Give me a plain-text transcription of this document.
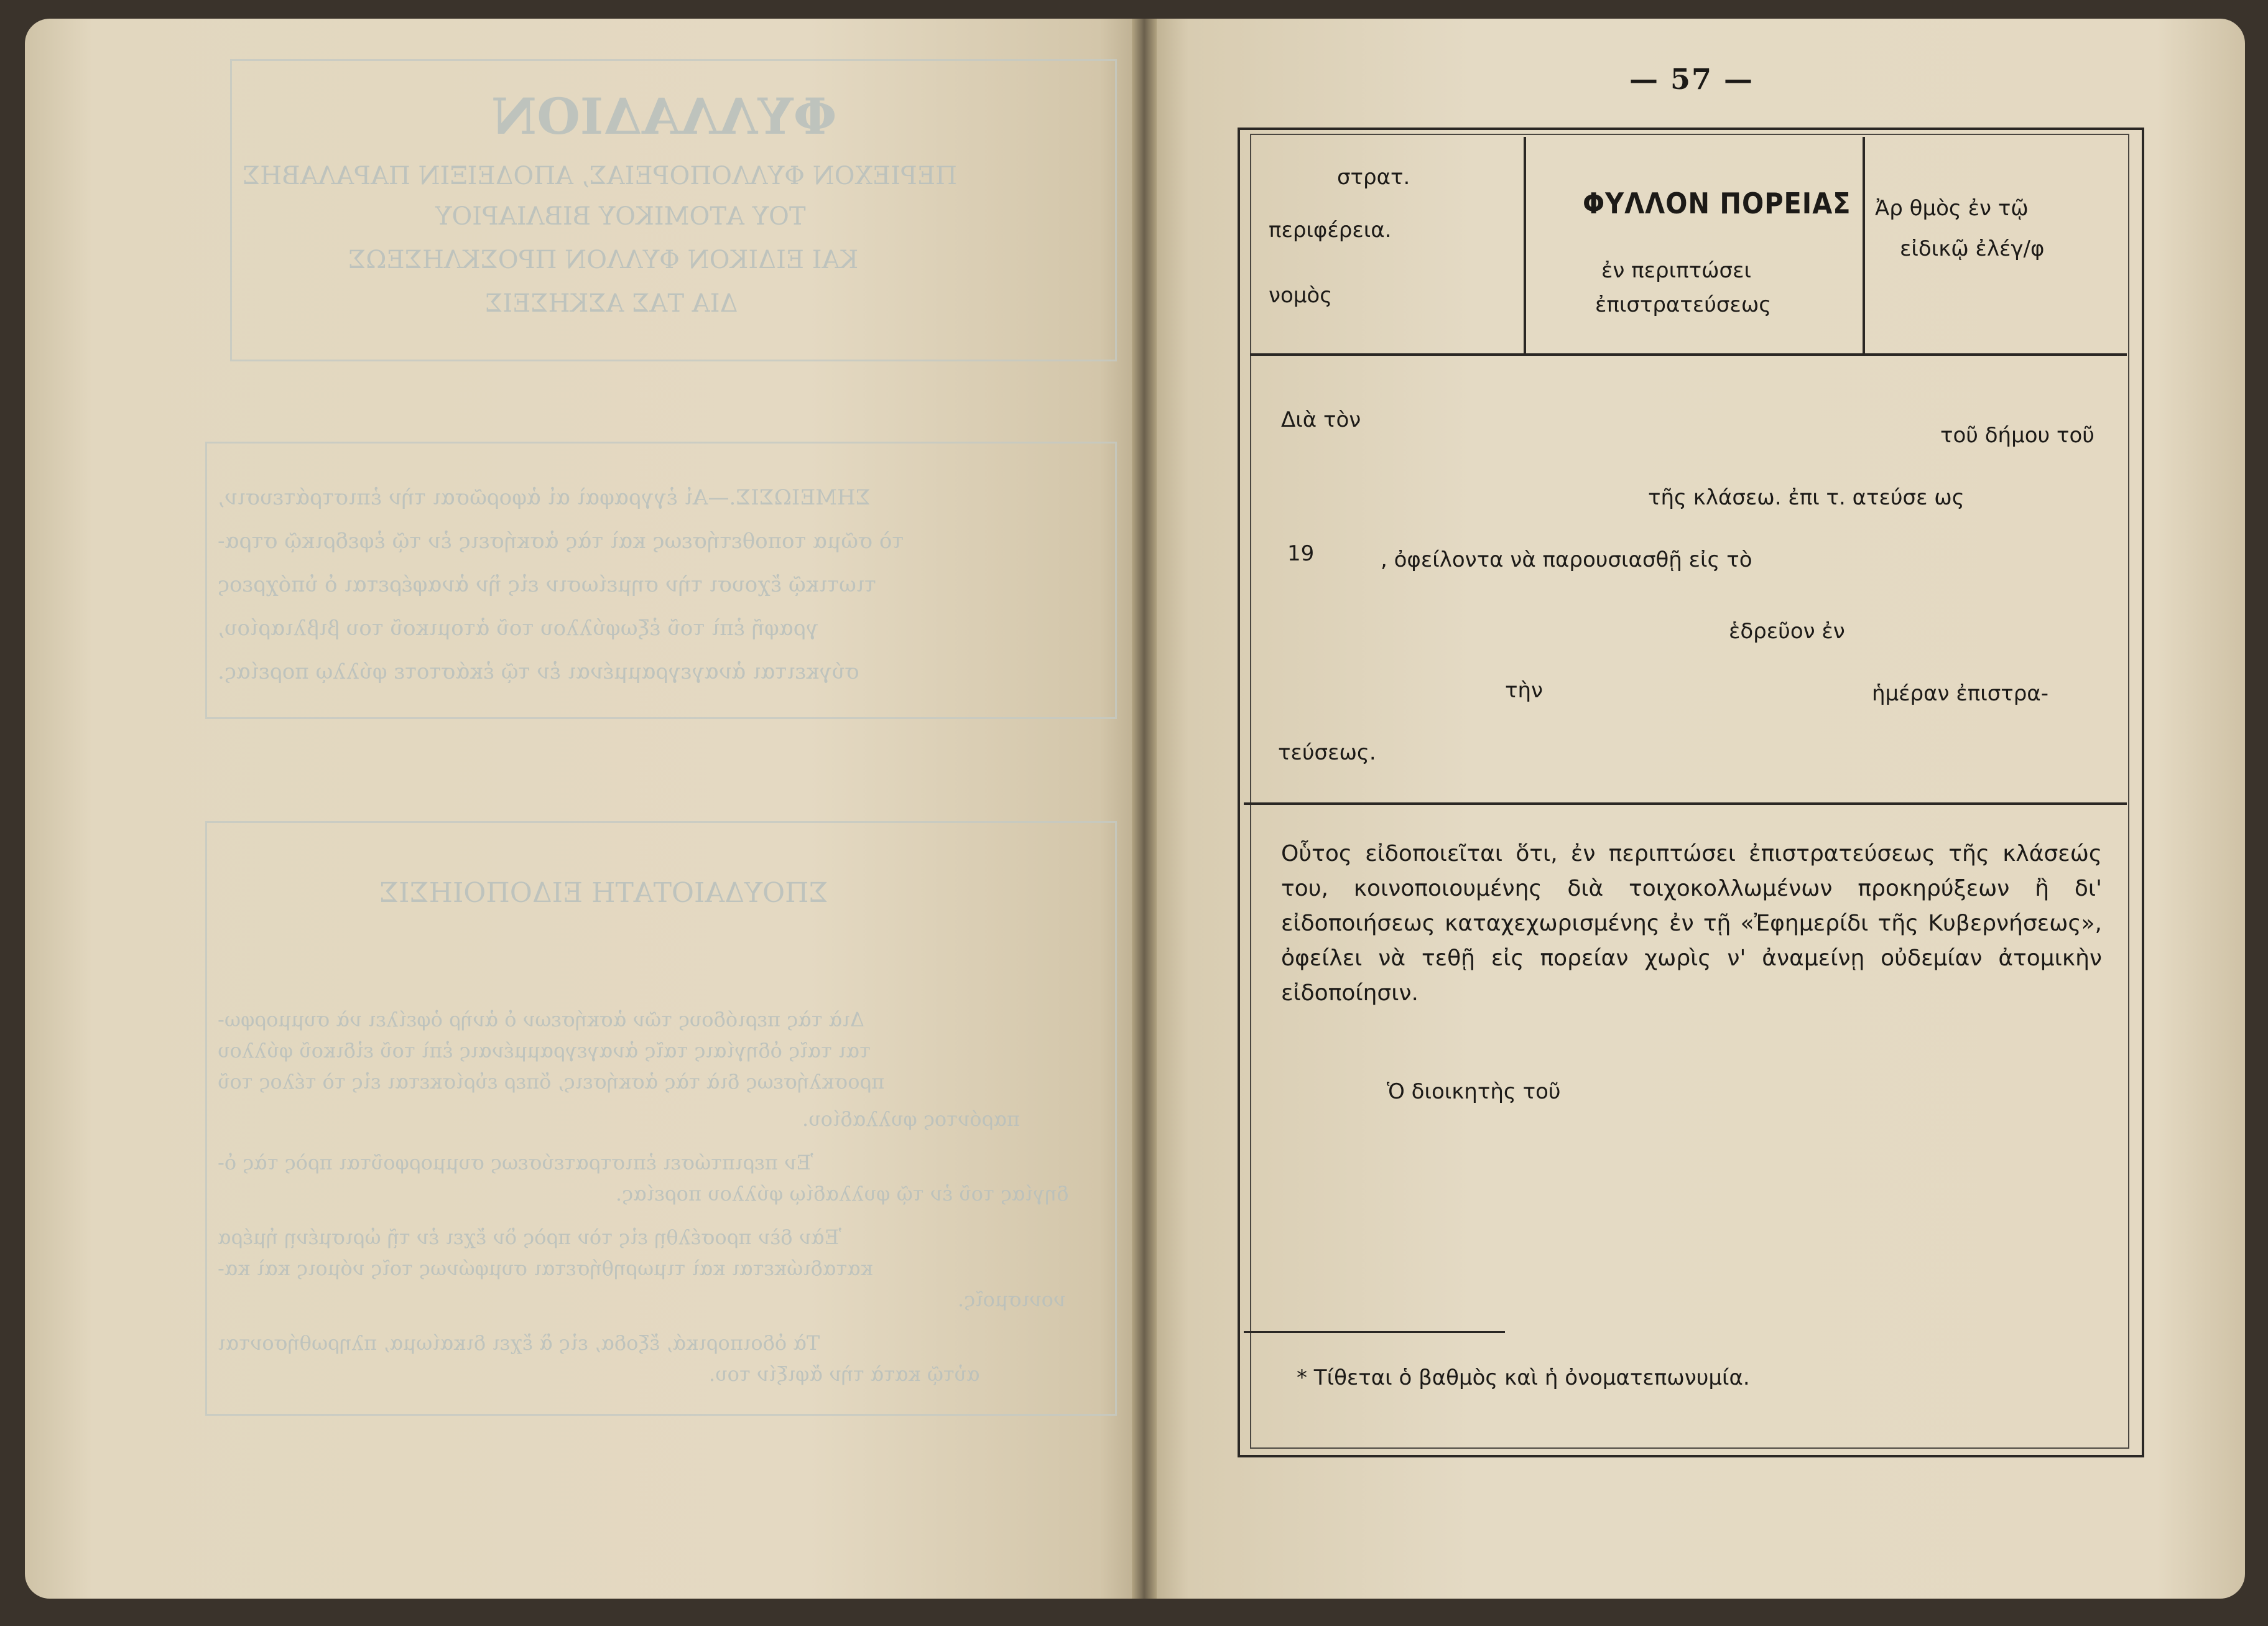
ΦΥΛΛΑΔΙΟΝ
ΠΕΡΙΕΧΟΝ ΦΥΛΛΟΠΟΡΕΙΑΣ, ΑΠΟΔΕΙΞΙΝ ΠΑΡΑΛΑΒΗΣ
ΤΟΥ ΑΤΟΜΙΚΟΥ ΒΙΒΛΙΑΡΙΟΥ
ΚΑΙ ΕΙΔΙΚΟΝ ΦΥΛΛΟΝ ΠΡΟΣΚΛΗΣΕΩΣ
ΔΙΑ ΤΑΣ ΑΣΚΗΣΕΙΣ
ΣΗΜΕΙΩΣΙΣ.—Αἱ ἐγγραφαὶ αἱ ἀφορῶσαι τὴν ἐπιστράτευσιν,
τὸ σῶμα τοποθετήσεως καὶ τὰς ἀσκήσεις ἐν τῷ ἐφεδρικῷ στρα-
τιωτικῷ ἔχουσι τὴν σημείωσιν εἰς ἣν ἀναφέρεται ὁ ὑπόχρεος
γραφῆ ἐπὶ τοῦ ἐξωφύλλου τοῦ ἀτομικοῦ του βιβλιαρίου,
σύγκειται ἀναγεγραμμέναι ἐν τῷ ἐκάστοτε φύλλῳ πορείας.
ΣΠΟΥΔΑΙΟΤΑΤΗ ΕΙΔΟΠΟΙΗΣΙΣ
Διὰ τὰς περιόδους τῶν ἀσκήσεων ὁ ἀνὴρ ὀφείλει νὰ συμμορφω-
ται ταῖς ὁδηγίαις ταῖς ἀναγεγραμμέναις ἐπὶ τοῦ εἰδικοῦ φύλλου
προσκλήσεως διὰ τὰς ἀσκήσεις, ὅπερ εὑρίσκεται εἰς τὸ τέλος τοῦ
παρόντος φυλλαδίου.
Ἐν περιπτώσει ἐπιστρατεύσεως συμμορφοῦται πρὸς τὰς ὁ-
δηγίας τοῦ ἐν τῷ φυλλαδίῳ φύλλου πορείας.
Ἐὰν δὲν προσέλθῃ εἰς τὸν πρὸς ὃν ἔχει ἐν τῇ ὡρισμένῃ ἡμέρα
καταδιώκεται καὶ τιμωρηθήσεται συμφώνως τοῖς νόμοις καὶ κα-
νονισμοῖς.
Τὰ ὁδοιπορικά, ἔξοδα, εἰς ἃ ἔχει δικαίωμα, πληρωθήσονται
αὐτῷ κατὰ τὴν ἄφιξίν του.
— 57 —
στρατ.
περιφέρεια.
νομὸς
ΦΥΛΛΟΝ ΠΟΡΕΙΑΣ
ἐν περιπτώσει
ἐπιστρατεύσεως
Ἀρ θμὸς ἐν τῷ
εἰδικῷ ἐλέγ/φ
Διὰ τὸν
τοῦ δήμου τοῦ
τῆς κλάσεω. ἐπι τ. ατεύσε ως
19	, ὀφείλοντα νὰ παρουσιασθῇ εἰς τὸ
ἑδρεῦον ἐν
τὴν	ἡμέραν ἐπιστρα-
τεύσεως.
Οὗτος εἰδοποιεῖται ὅτι, ἐν περιπτώσει ἐπιστρατεύσεως τῆς κλάσεώς του, κοινοποιουμένης διὰ τοιχοκολλωμένων προκηρύξεων ἢ δι' εἰδοποιήσεως καταχεχωρισμένης ἐν τῇ «Ἐφημερίδι τῆς Κυβερνήσεως», ὀφείλει νὰ τεθῇ εἰς πορείαν χωρὶς ν' ἀναμείνῃ οὐδεμίαν ἀτομικὴν εἰδοποίησιν.
Ὁ διοικητὴς τοῦ
* Τίθεται ὁ βαθμὸς καὶ ἡ ὀνοματεπωνυμία.
